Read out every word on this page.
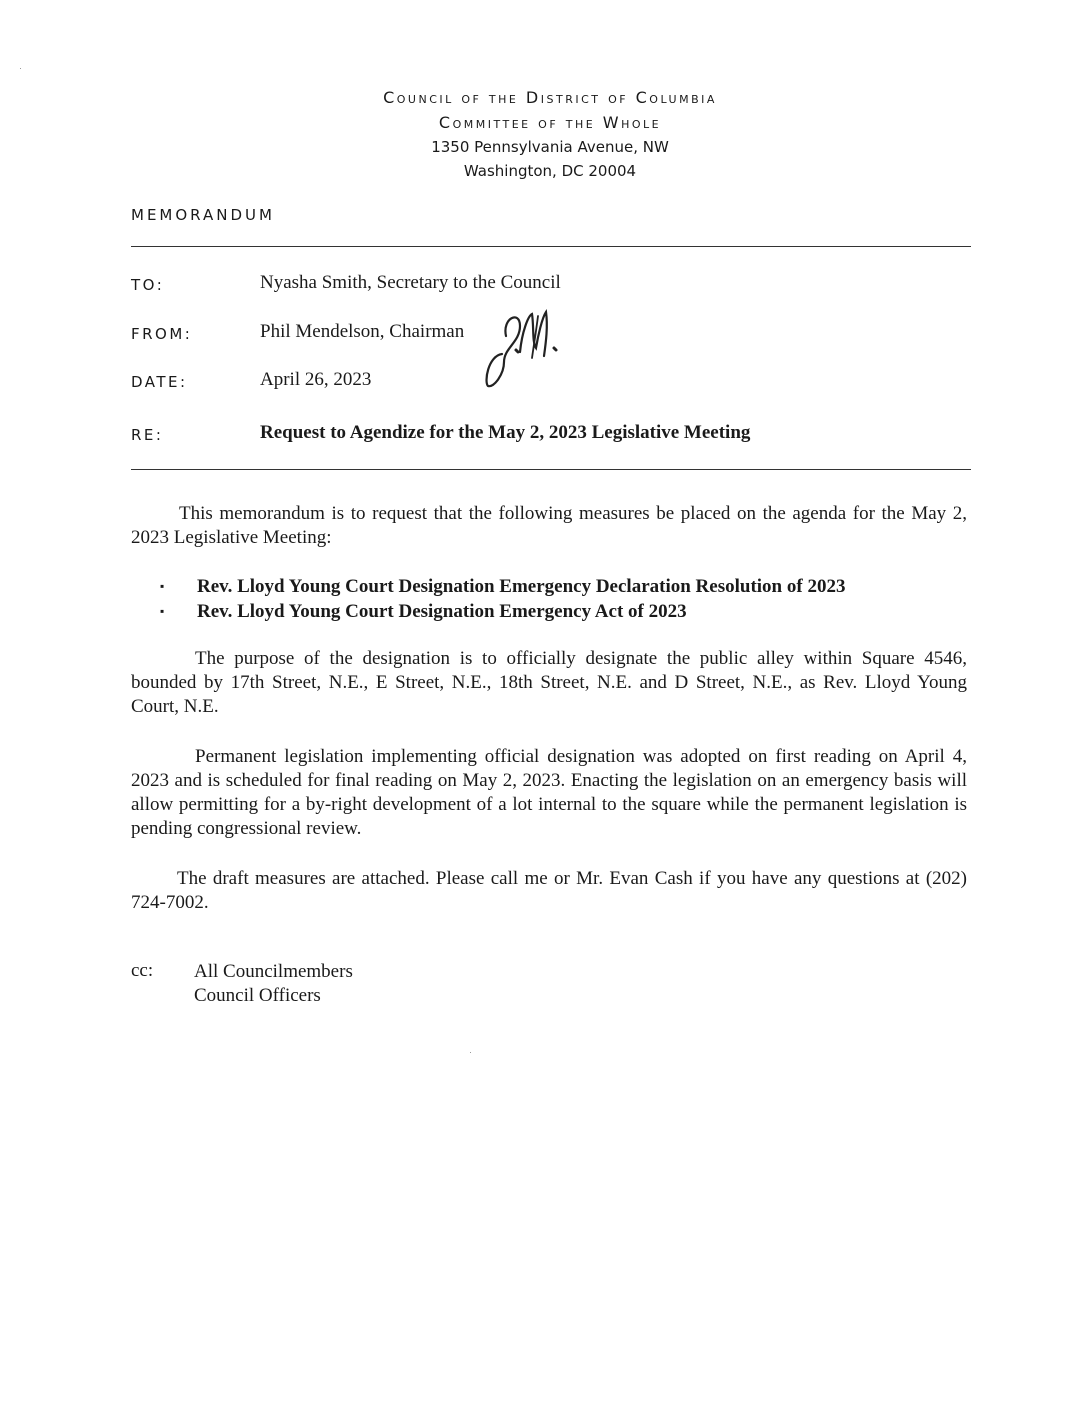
Council of the District of Columbia
Committee of the Whole
1350 Pennsylvania Avenue, NW
Washington, DC 20004
MEMORANDUM
TO:	Nyasha Smith, Secretary to the Council
FROM:	Phil Mendelson, Chairman
DATE:	April 26, 2023
RE:	Request to Agendize for the May 2, 2023 Legislative Meeting
This memorandum is to request that the following measures be placed on the agenda for the May 2, 2023 Legislative Meeting:
▪ Rev. Lloyd Young Court Designation Emergency Declaration Resolution of 2023
▪ Rev. Lloyd Young Court Designation Emergency Act of 2023
The purpose of the designation is to officially designate the public alley within Square 4546, bounded by 17th Street, N.E., E Street, N.E., 18th Street, N.E. and D Street, N.E., as Rev. Lloyd Young Court, N.E.
Permanent legislation implementing official designation was adopted on first reading on April 4, 2023 and is scheduled for final reading on May 2, 2023. Enacting the legislation on an emergency basis will allow permitting for a by-right development of a lot internal to the square while the permanent legislation is pending congressional review.
The draft measures are attached. Please call me or Mr. Evan Cash if you have any questions at (202) 724-7002.
cc: All Councilmembers
Council Officers
